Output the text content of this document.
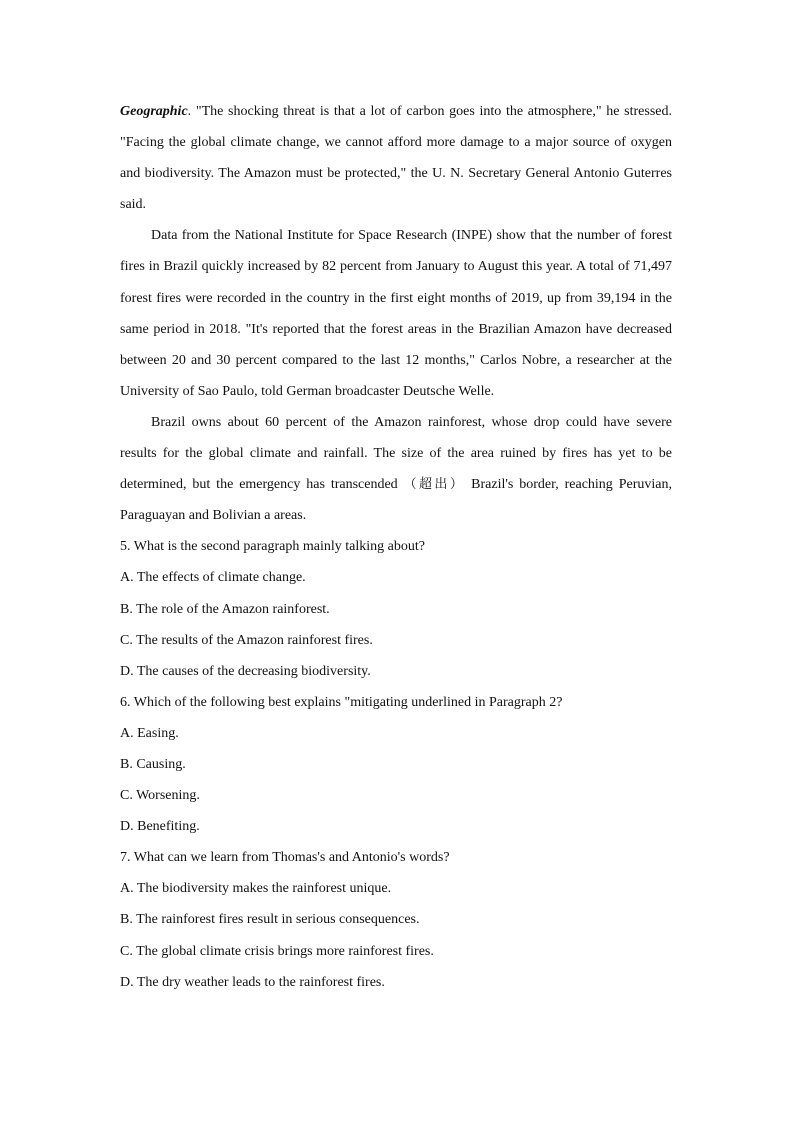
Geographic. "The shocking threat is that a lot of carbon goes into the atmosphere," he stressed. "Facing the global climate change, we cannot afford more damage to a major source of oxygen and biodiversity. The Amazon must be protected," the U. N. Secretary General Antonio Guterres said.

Data from the National Institute for Space Research (INPE) show that the number of forest fires in Brazil quickly increased by 82 percent from January to August this year. A total of 71,497 forest fires were recorded in the country in the first eight months of 2019, up from 39,194 in the same period in 2018. "It's reported that the forest areas in the Brazilian Amazon have decreased between 20 and 30 percent compared to the last 12 months," Carlos Nobre, a researcher at the University of Sao Paulo, told German broadcaster Deutsche Welle.

Brazil owns about 60 percent of the Amazon rainforest, whose drop could have severe results for the global climate and rainfall. The size of the area ruined by fires has yet to be determined, but the emergency has transcended （超出） Brazil's border, reaching Peruvian, Paraguayan and Bolivian a areas.

5. What is the second paragraph mainly talking about?

A. The effects of climate change.

B. The role of the Amazon rainforest.

C. The results of the Amazon rainforest fires.

D. The causes of the decreasing biodiversity.

6. Which of the following best explains "mitigating underlined in Paragraph 2?

A. Easing.

B. Causing.

C. Worsening.

D. Benefiting.

7. What can we learn from Thomas's and Antonio's words?

A. The biodiversity makes the rainforest unique.

B. The rainforest fires result in serious consequences.

C. The global climate crisis brings more rainforest fires.

D. The dry weather leads to the rainforest fires.
